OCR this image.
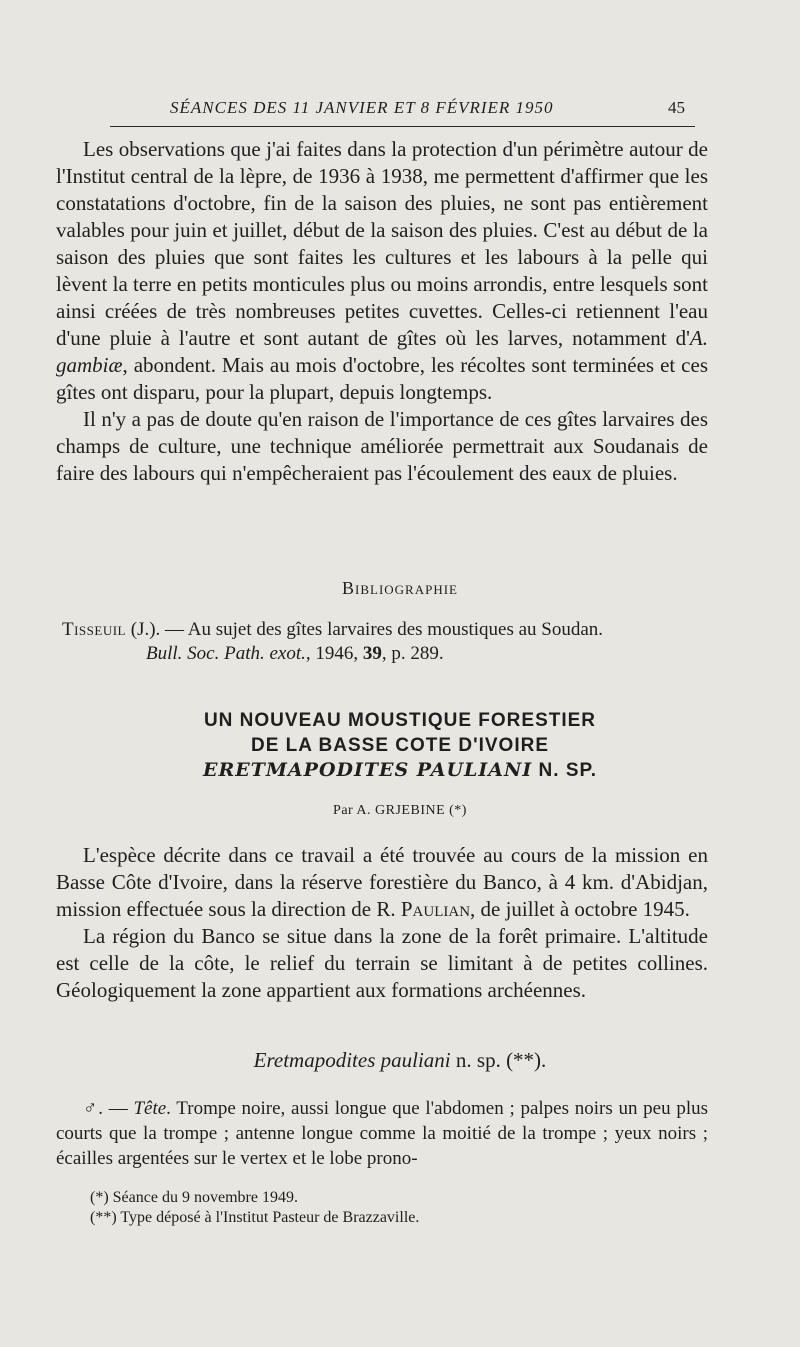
SÉANCES DES 11 JANVIER ET 8 FÉVRIER 1950	45

Les observations que j'ai faites dans la protection d'un périmètre autour de l'Institut central de la lèpre, de 1936 à 1938, me permettent d'affirmer que les constatations d'octobre, fin de la saison des pluies, ne sont pas entièrement valables pour juin et juillet, début de la saison des pluies. C'est au début de la saison des pluies que sont faites les cultures et les labours à la pelle qui lèvent la terre en petits monticules plus ou moins arrondis, entre lesquels sont ainsi créées de très nombreuses petites cuvettes. Celles-ci retiennent l'eau d'une pluie à l'autre et sont autant de gîtes où les larves, notamment d'A. gambiæ, abondent. Mais au mois d'octobre, les récoltes sont terminées et ces gîtes ont disparu, pour la plupart, depuis longtemps.

Il n'y a pas de doute qu'en raison de l'importance de ces gîtes larvaires des champs de culture, une technique améliorée permettrait aux Soudanais de faire des labours qui n'empêcheraient pas l'écoulement des eaux de pluies.

Bibliographie
Tisseuil (J.). — Au sujet des gîtes larvaires des moustiques au Soudan.
Bull. Soc. Path. exot., 1946, 39, p. 289.
UN NOUVEAU MOUSTIQUE FORESTIER
DE LA BASSE COTE D'IVOIRE
ERETMAPODITES PAULIANI N. SP.
Par A. GRJEBINE (*)

L'espèce décrite dans ce travail a été trouvée au cours de la mission en Basse Côte d'Ivoire, dans la réserve forestière du Banco, à 4 km. d'Abidjan, mission effectuée sous la direction de R. Paulian, de juillet à octobre 1945.

La région du Banco se situe dans la zone de la forêt primaire. L'altitude est celle de la côte, le relief du terrain se limitant à de petites collines. Géologiquement la zone appartient aux formations archéennes.

Eretmapodites pauliani n. sp. (**).

♂. — Tête. Trompe noire, aussi longue que l'abdomen ; palpes noirs un peu plus courts que la trompe ; antenne longue comme la moitié de la trompe ; yeux noirs ; écailles argentées sur le vertex et le lobe prono-

(*) Séance du 9 novembre 1949.
(**) Type déposé à l'Institut Pasteur de Brazzaville.
